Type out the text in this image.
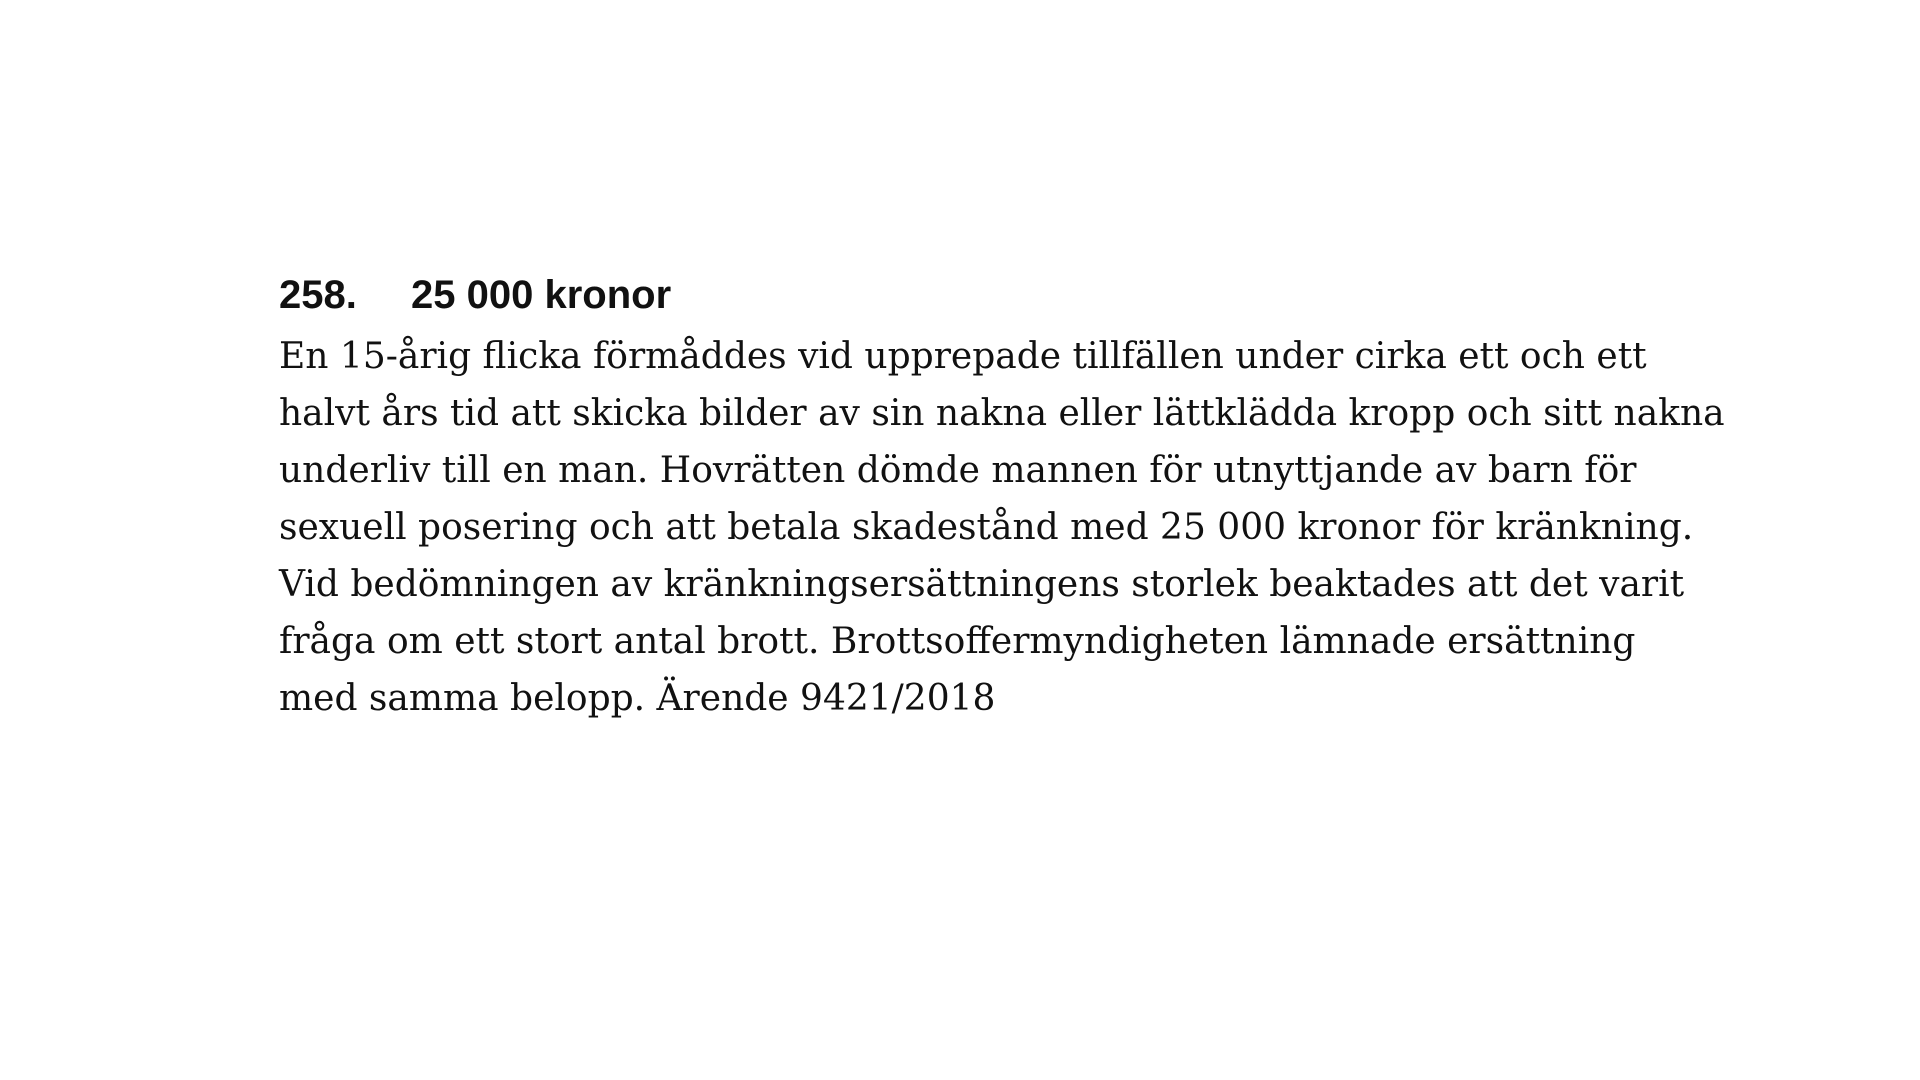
258. 25 000 kronor

En 15-årig flicka förmåddes vid upprepade tillfällen under cirka ett och ett
halvt års tid att skicka bilder av sin nakna eller lättklädda kropp och sitt nakna
underliv till en man. Hovrätten dömde mannen för utnyttjande av barn för
sexuell posering och att betala skadestånd med 25 000 kronor för kränkning.
Vid bedömningen av kränkningsersättningens storlek beaktades att det varit
fråga om ett stort antal brott. Brottsoffermyndigheten lämnade ersättning
med samma belopp. Ärende 9421/2018
